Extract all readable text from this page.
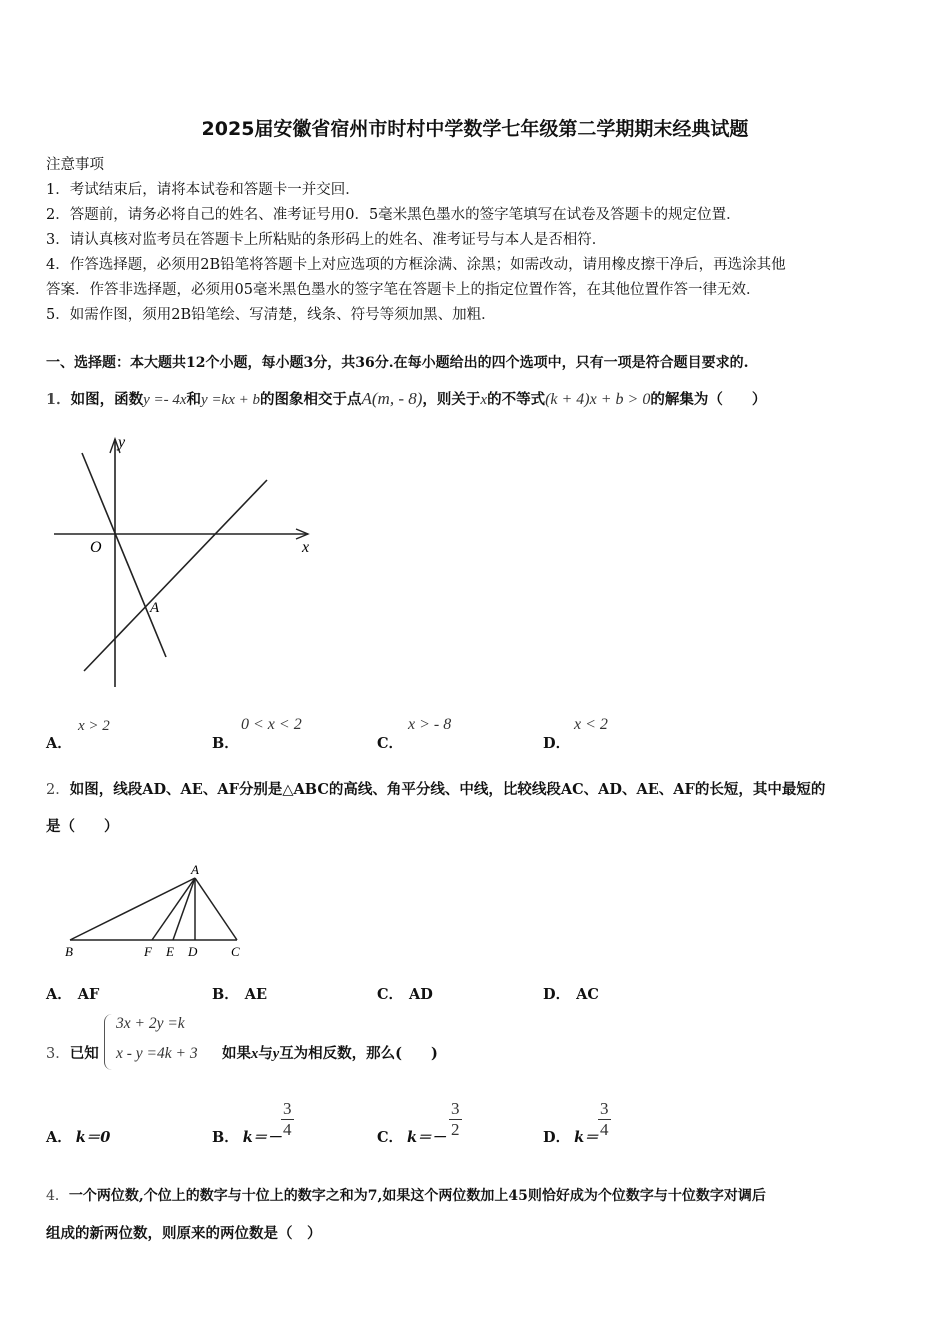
2025届安徽省宿州市时村中学数学七年级第二学期期末经典试题
注意事项
1．考试结束后，请将本试卷和答题卡一并交回．
2．答题前，请务必将自己的姓名、准考证号用0．5毫米黑色墨水的签字笔填写在试卷及答题卡的规定位置．
3．请认真核对监考员在答题卡上所粘贴的条形码上的姓名、准考证号与本人是否相符．
4．作答选择题，必须用2B铅笔将答题卡上对应选项的方框涂满、涂黑；如需改动，请用橡皮擦干净后，再选涂其他
答案．作答非选择题，必须用05毫米黑色墨水的签字笔在答题卡上的指定位置作答，在其他位置作答一律无效．
5．如需作图，须用2B铅笔绘、写清楚，线条、符号等须加黑、加粗．
一、选择题：本大题共12个小题，每小题3分，共36分.在每小题给出的四个选项中，只有一项是符合题目要求的.
1．如图，函数y =‐ 4x和y =kx + b的图象相交于点A(m, ‐ 8)，则关于x的不等式(k + 4)x + b > 0的解集为（　　）
y
x
O
A
A．
x > 2
B．
0 < x < 2
C．
x > ‐ 8
D．
x < 2
2．如图，线段AD、AE、AF分别是△ABC的高线、角平分线、中线，比较线段AC、AD、AE、AF的长短，其中最短的
是（　　）
A
B	F E D	C
A． AF	B． AE	C． AD	D． AC
3．已知
3x + 2y =k
x ‐ y =4k + 3 如果x与y互为相反数，那么(　　)
A． k＝0	B． $k=- \frac{3}{4}$	C． $k=- \frac{3}{2}$	D． $k= \frac{3}{4}$
4．一个两位数,个位上的数字与十位上的数字之和为7,如果这个两位数加上45则恰好成为个位数字与十位数字对调后
组成的新两位数，则原来的两位数是（　）
